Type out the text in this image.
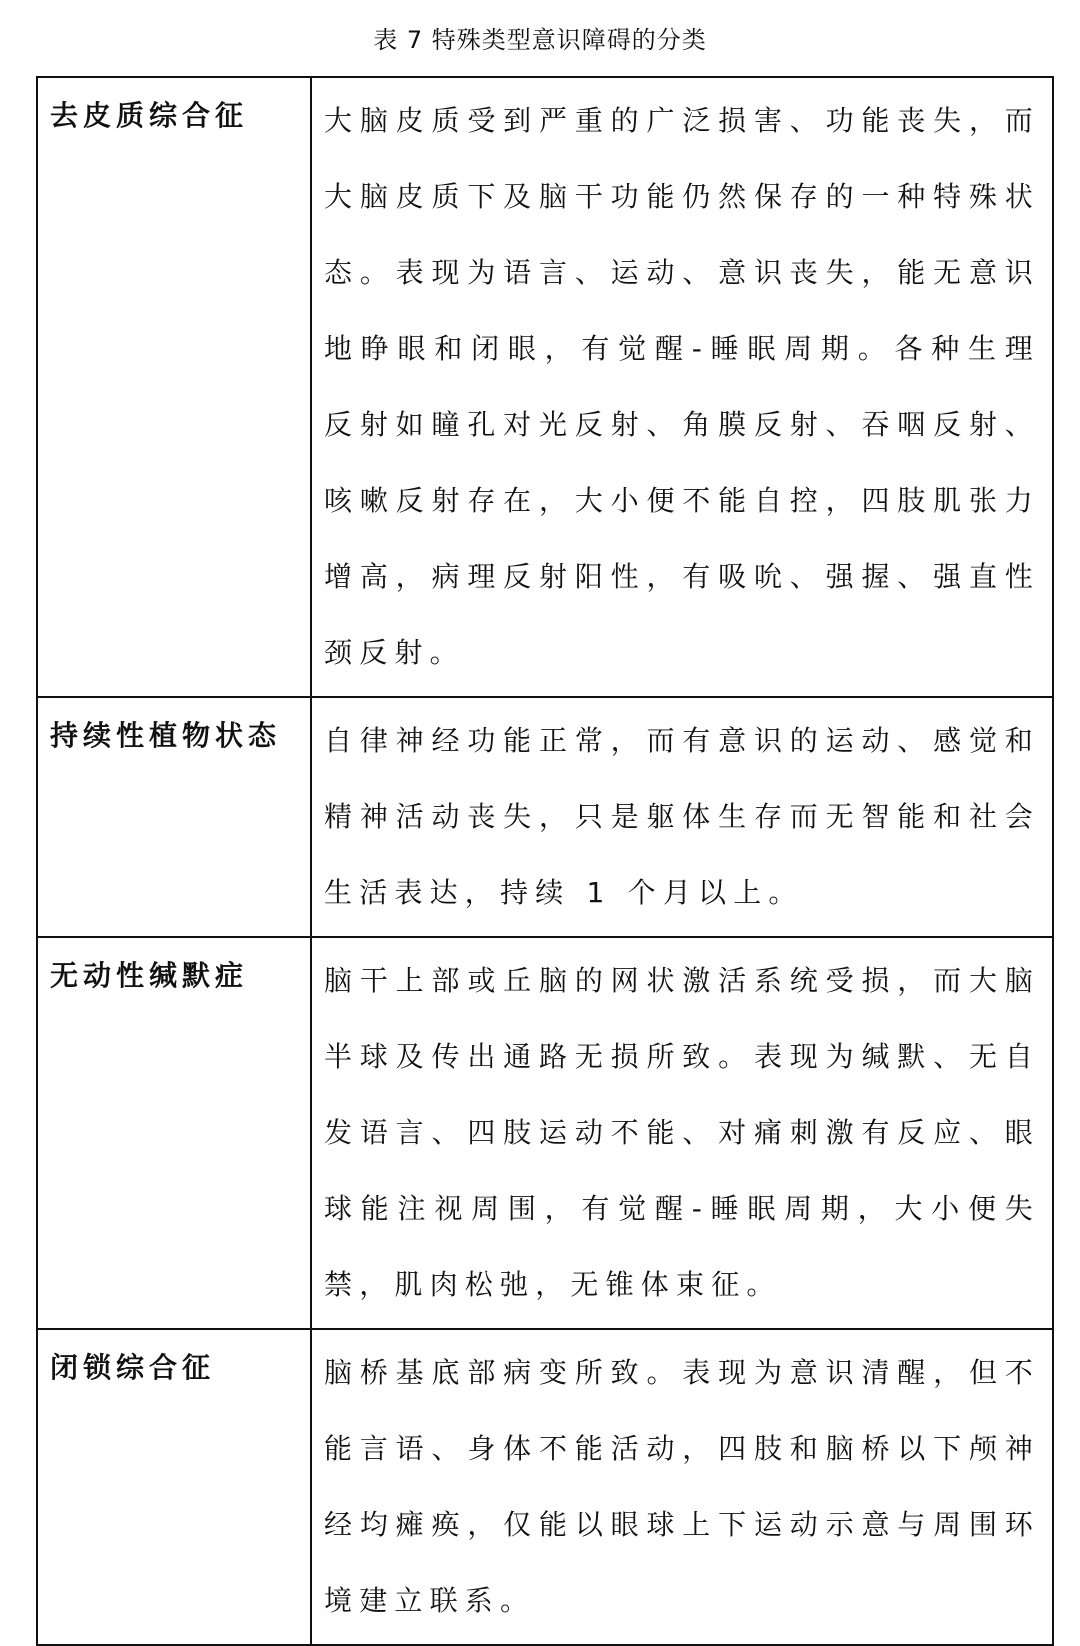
表 7 特殊类型意识障碍的分类
去皮质综合征	大脑皮质受到严重的广泛损害、功能丧失，而大脑皮质下及脑干功能仍然保存的一种特殊状态。表现为语言、运动、意识丧失，能无意识地睁眼和闭眼，有觉醒-睡眠周期。各种生理反射如瞳孔对光反射、角膜反射、吞咽反射、咳嗽反射存在，大小便不能自控，四肢肌张力增高，病理反射阳性，有吸吮、强握、强直性颈反射。

持续性植物状态	自律神经功能正常，而有意识的运动、感觉和精神活动丧失，只是躯体生存而无智能和社会生活表达，持续 1 个月以上。

无动性缄默症	脑干上部或丘脑的网状激活系统受损，而大脑半球及传出通路无损所致。表现为缄默、无自发语言、四肢运动不能、对痛刺激有反应、眼球能注视周围，有觉醒-睡眠周期，大小便失禁，肌肉松弛，无锥体束征。

闭锁综合征	脑桥基底部病变所致。表现为意识清醒，但不能言语、身体不能活动，四肢和脑桥以下颅神经均瘫痪，仅能以眼球上下运动示意与周围环境建立联系。
